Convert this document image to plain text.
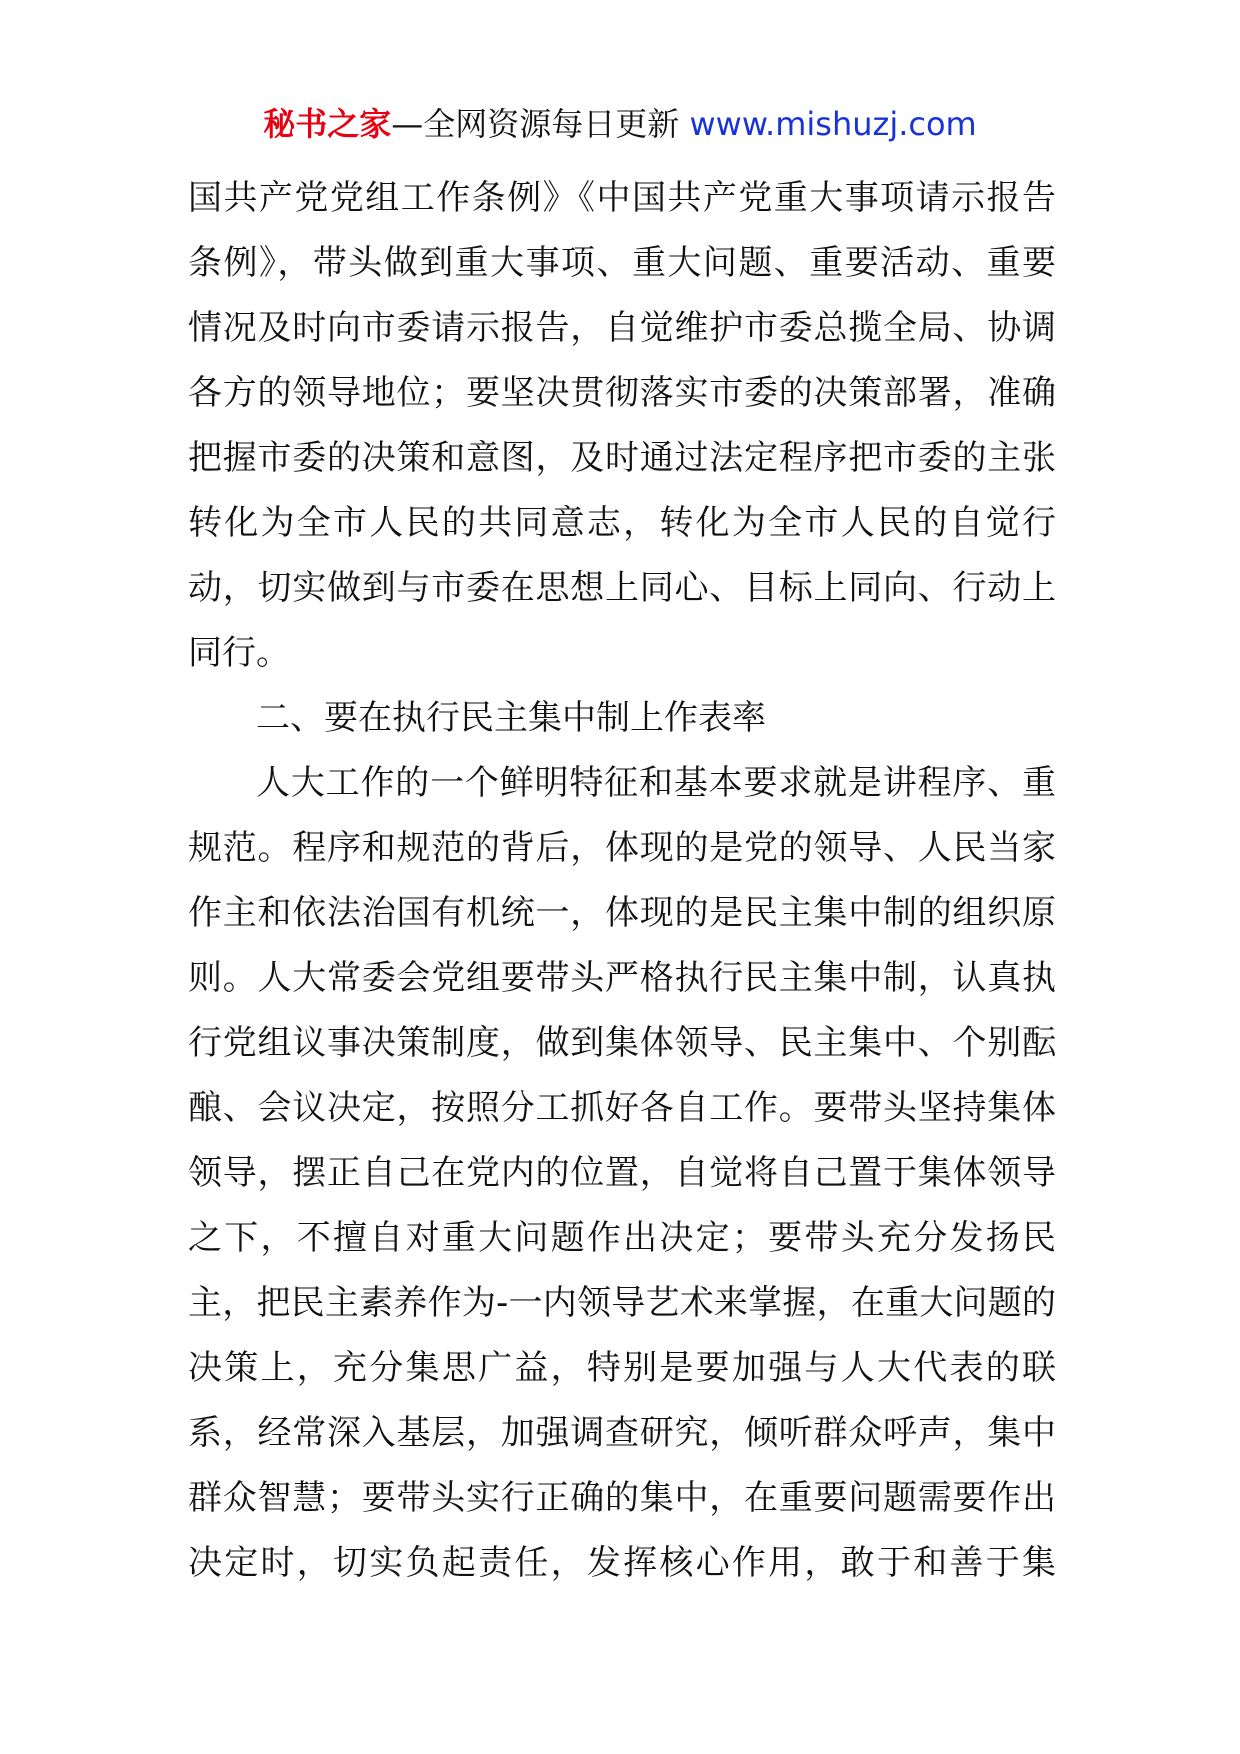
秘书之家—全网资源每日更新 www.mishuzj.com
国共产党党组工作条例》《中国共产党重大事项请示报告
条例》，带头做到重大事项、重大问题、重要活动、重要
情况及时向市委请示报告，自觉维护市委总揽全局、协调
各方的领导地位；要坚决贯彻落实市委的决策部署，准确
把握市委的决策和意图，及时通过法定程序把市委的主张
转化为全市人民的共同意志，转化为全市人民的自觉行
动，切实做到与市委在思想上同心、目标上同向、行动上
同行。
二、要在执行民主集中制上作表率
人大工作的一个鲜明特征和基本要求就是讲程序、重
规范。程序和规范的背后，体现的是党的领导、人民当家
作主和依法治国有机统一，体现的是民主集中制的组织原
则。人大常委会党组要带头严格执行民主集中制，认真执
行党组议事决策制度，做到集体领导、民主集中、个别酝
酿、会议决定，按照分工抓好各自工作。要带头坚持集体
领导，摆正自己在党内的位置，自觉将自己置于集体领导
之下，不擅自对重大问题作出决定；要带头充分发扬民
主，把民主素养作为-一内领导艺术来掌握，在重大问题的
决策上，充分集思广益，特别是要加强与人大代表的联
系，经常深入基层，加强调查研究，倾听群众呼声，集中
群众智慧；要带头实行正确的集中，在重要问题需要作出
决定时，切实负起责任，发挥核心作用，敢于和善于集
